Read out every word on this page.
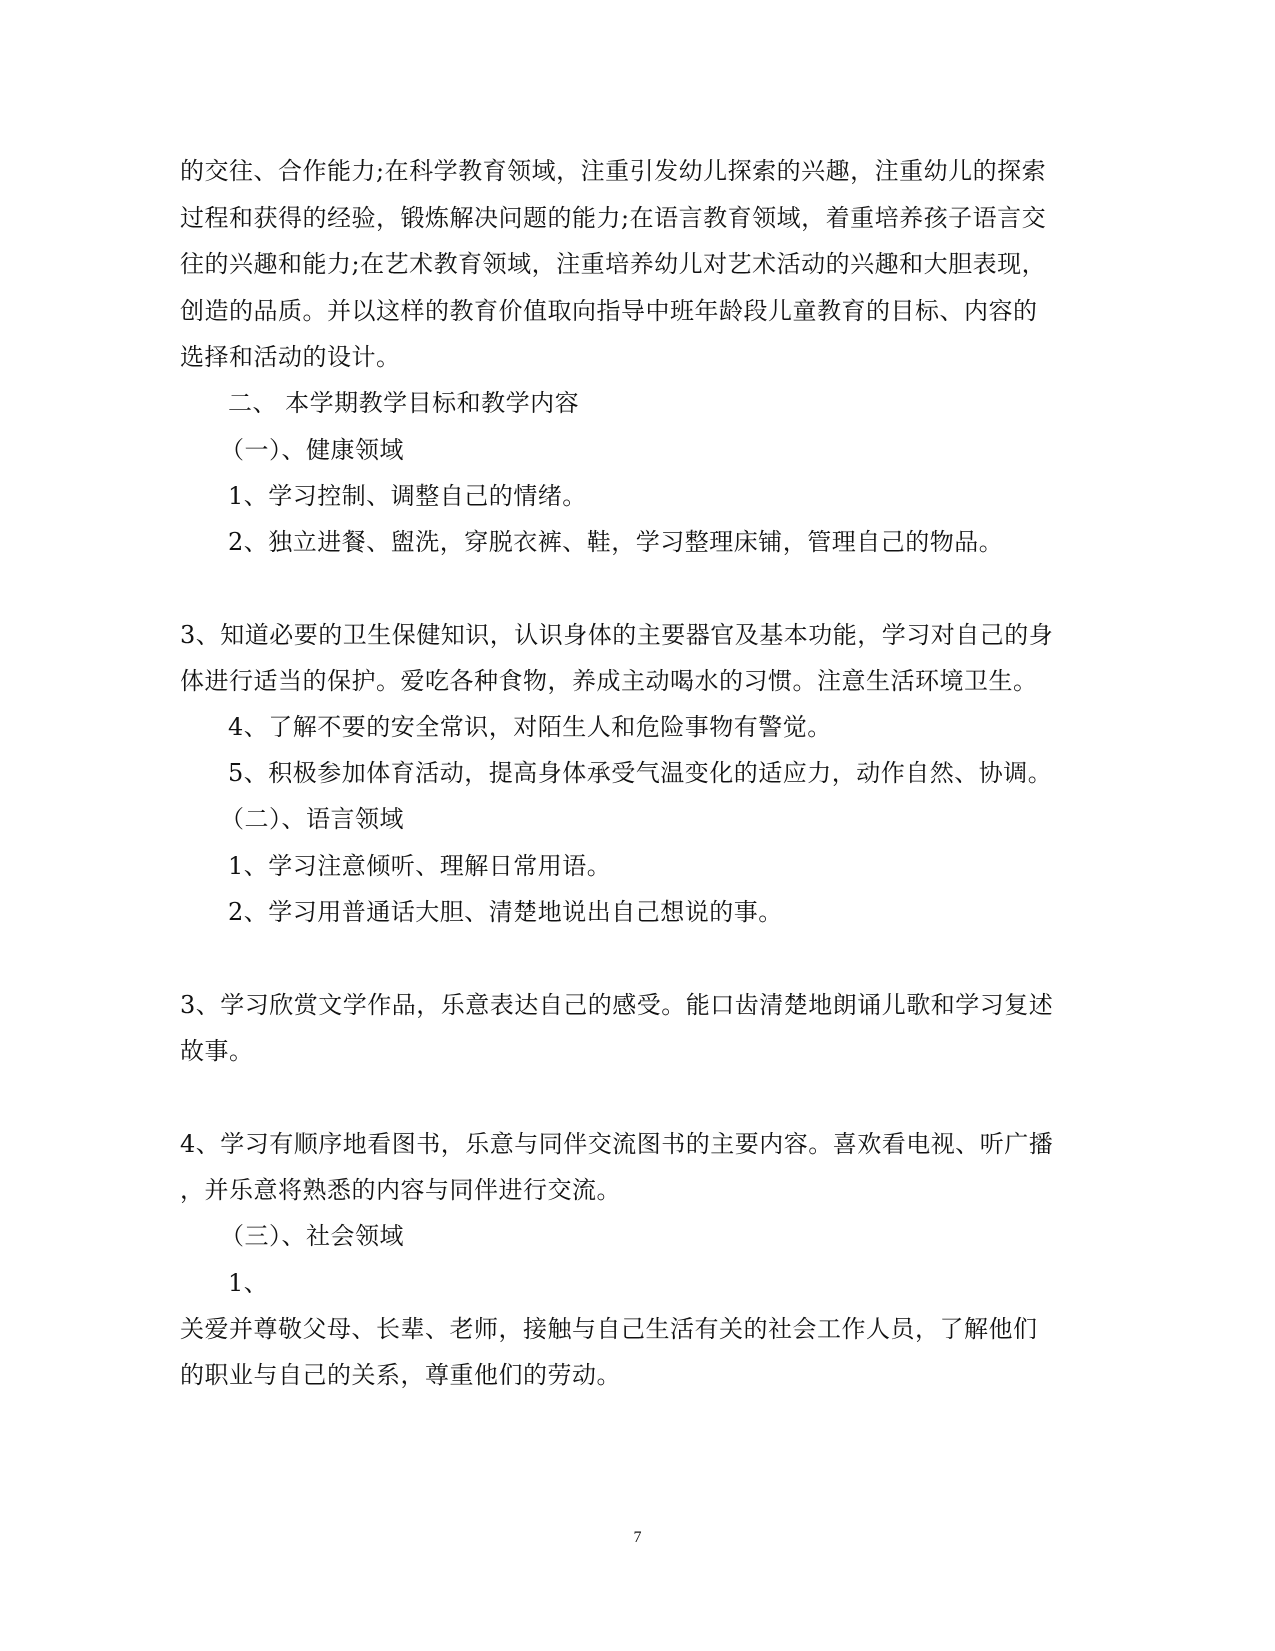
的交往、合作能力;在科学教育领域，注重引发幼儿探索的兴趣，注重幼儿的探索
过程和获得的经验，锻炼解决问题的能力;在语言教育领域，着重培养孩子语言交
往的兴趣和能力;在艺术教育领域，注重培养幼儿对艺术活动的兴趣和大胆表现，
创造的品质。并以这样的教育价值取向指导中班年龄段儿童教育的目标、内容的
选择和活动的设计。
二、 本学期教学目标和教学内容
（一）、健康领域
1、学习控制、调整自己的情绪。
2、独立进餐、盥洗，穿脱衣裤、鞋，学习整理床铺，管理自己的物品。
3、知道必要的卫生保健知识，认识身体的主要器官及基本功能，学习对自己的身
体进行适当的保护。爱吃各种食物，养成主动喝水的习惯。注意生活环境卫生。
4、了解不要的安全常识，对陌生人和危险事物有警觉。
5、积极参加体育活动，提高身体承受气温变化的适应力，动作自然、协调。
（二）、语言领域
1、学习注意倾听、理解日常用语。
2、学习用普通话大胆、清楚地说出自己想说的事。
3、学习欣赏文学作品，乐意表达自己的感受。能口齿清楚地朗诵儿歌和学习复述
故事。
4、学习有顺序地看图书，乐意与同伴交流图书的主要内容。喜欢看电视、听广播
，并乐意将熟悉的内容与同伴进行交流。
（三）、社会领域
1、
关爱并尊敬父母、长辈、老师，接触与自己生活有关的社会工作人员，了解他们
的职业与自己的关系，尊重他们的劳动。
7
